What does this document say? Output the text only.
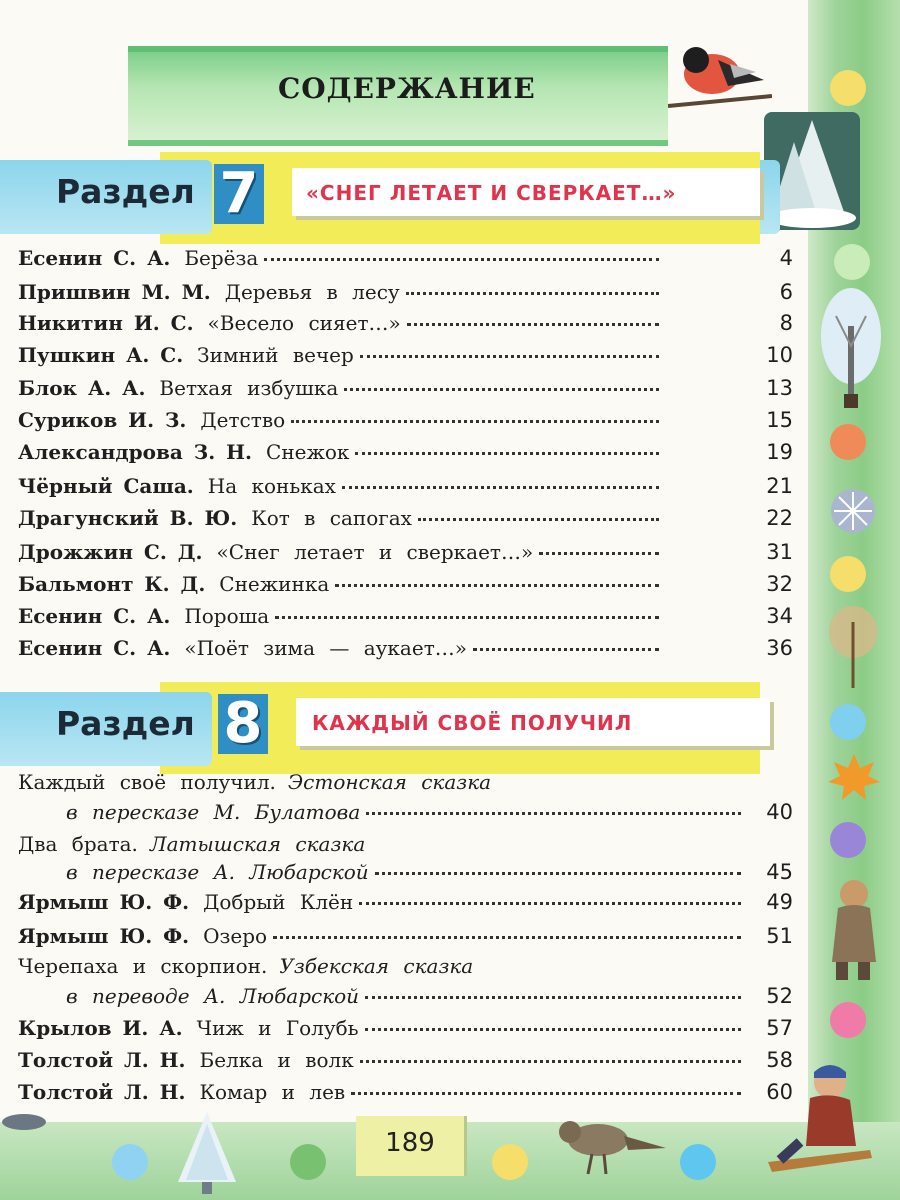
СОДЕРЖАНИЕ
Раздел 7 «СНЕГ ЛЕТАЕТ И СВЕРКАЕТ…»
Есенин С. А. Берёза	4
Пришвин М. М. Деревья в лесу	6
Никитин И. С. «Весело сияет…»	8
Пушкин А. С. Зимний вечер	10
Блок А. А. Ветхая избушка	13
Суриков И. З. Детство	15
Александрова З. Н. Снежок	19
Чёрный Саша. На коньках	21
Драгунский В. Ю. Кот в сапогах	22
Дрожжин С. Д. «Снег летает и сверкает…»	31
Бальмонт К. Д. Снежинка	32
Есенин С. А. Пороша	34
Есенин С. А. «Поёт зима — аукает…»	36
Раздел 8 КАЖДЫЙ СВОЁ ПОЛУЧИЛ
Каждый своё получил. Эстонская сказка
в пересказе М. Булатова	40
Два брата. Латышская сказка
в пересказе А. Любарской	45
Ярмыш Ю. Ф. Добрый Клён	49
Ярмыш Ю. Ф. Озеро	51
Черепаха и скорпион. Узбекская сказка
в переводе А. Любарской	52
Крылов И. А. Чиж и Голубь	57
Толстой Л. Н. Белка и волк	58
Толстой Л. Н. Комар и лев	60
189
